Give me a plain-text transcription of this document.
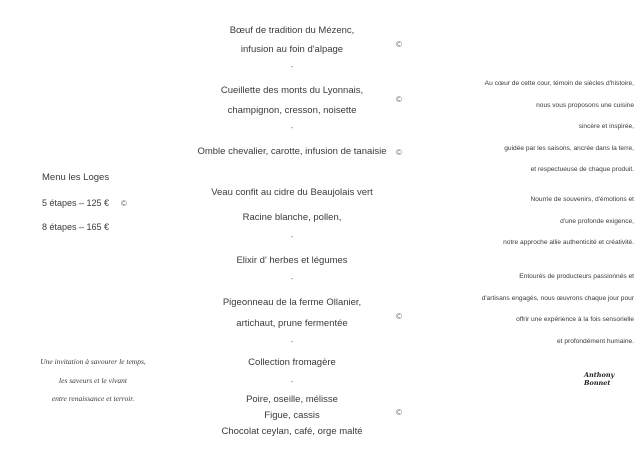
Menu les Loges
5 étapes – 125 € ©
8 étapes – 165 €
Une invitation à savourer le temps,
les saveurs et le vivant
entre renaissance et terroir.
Bœuf de tradition du Mézenc,
infusion au foin d'alpage	©
-
Cueillette des monts du Lyonnais,
champignon, cresson, noisette
©
-
Omble chevalier, carotte, infusion de tanaisie ©
Veau confit au cidre du Beaujolais vert
Racine blanche, pollen,
-
Elixir d' herbes et légumes
-
Pigeonneau de la ferme Ollanier,
artichaut, prune fermentée
©
-
Collection fromagère
-
Poire, oseille, mélisse
Figue, cassis
Chocolat ceylan, café, orge malté
©

Au cœur de cette cour, témoin de siècles d'histoire,

nous vous proposons une cuisine

sincère et inspirée,

guidée par les saisons, ancrée dans la terre,

et respectueuse de chaque produit.

Nourrie de souvenirs, d'émotions et

d'une profonde exigence,

notre approche allie authenticité et créativité.

Entourés de producteurs passionnés et

d'artisans engagés, nous œuvrons chaque jour pour

offrir une expérience à la fois sensorielle

et profondément humaine.

Anthony Bonnet
